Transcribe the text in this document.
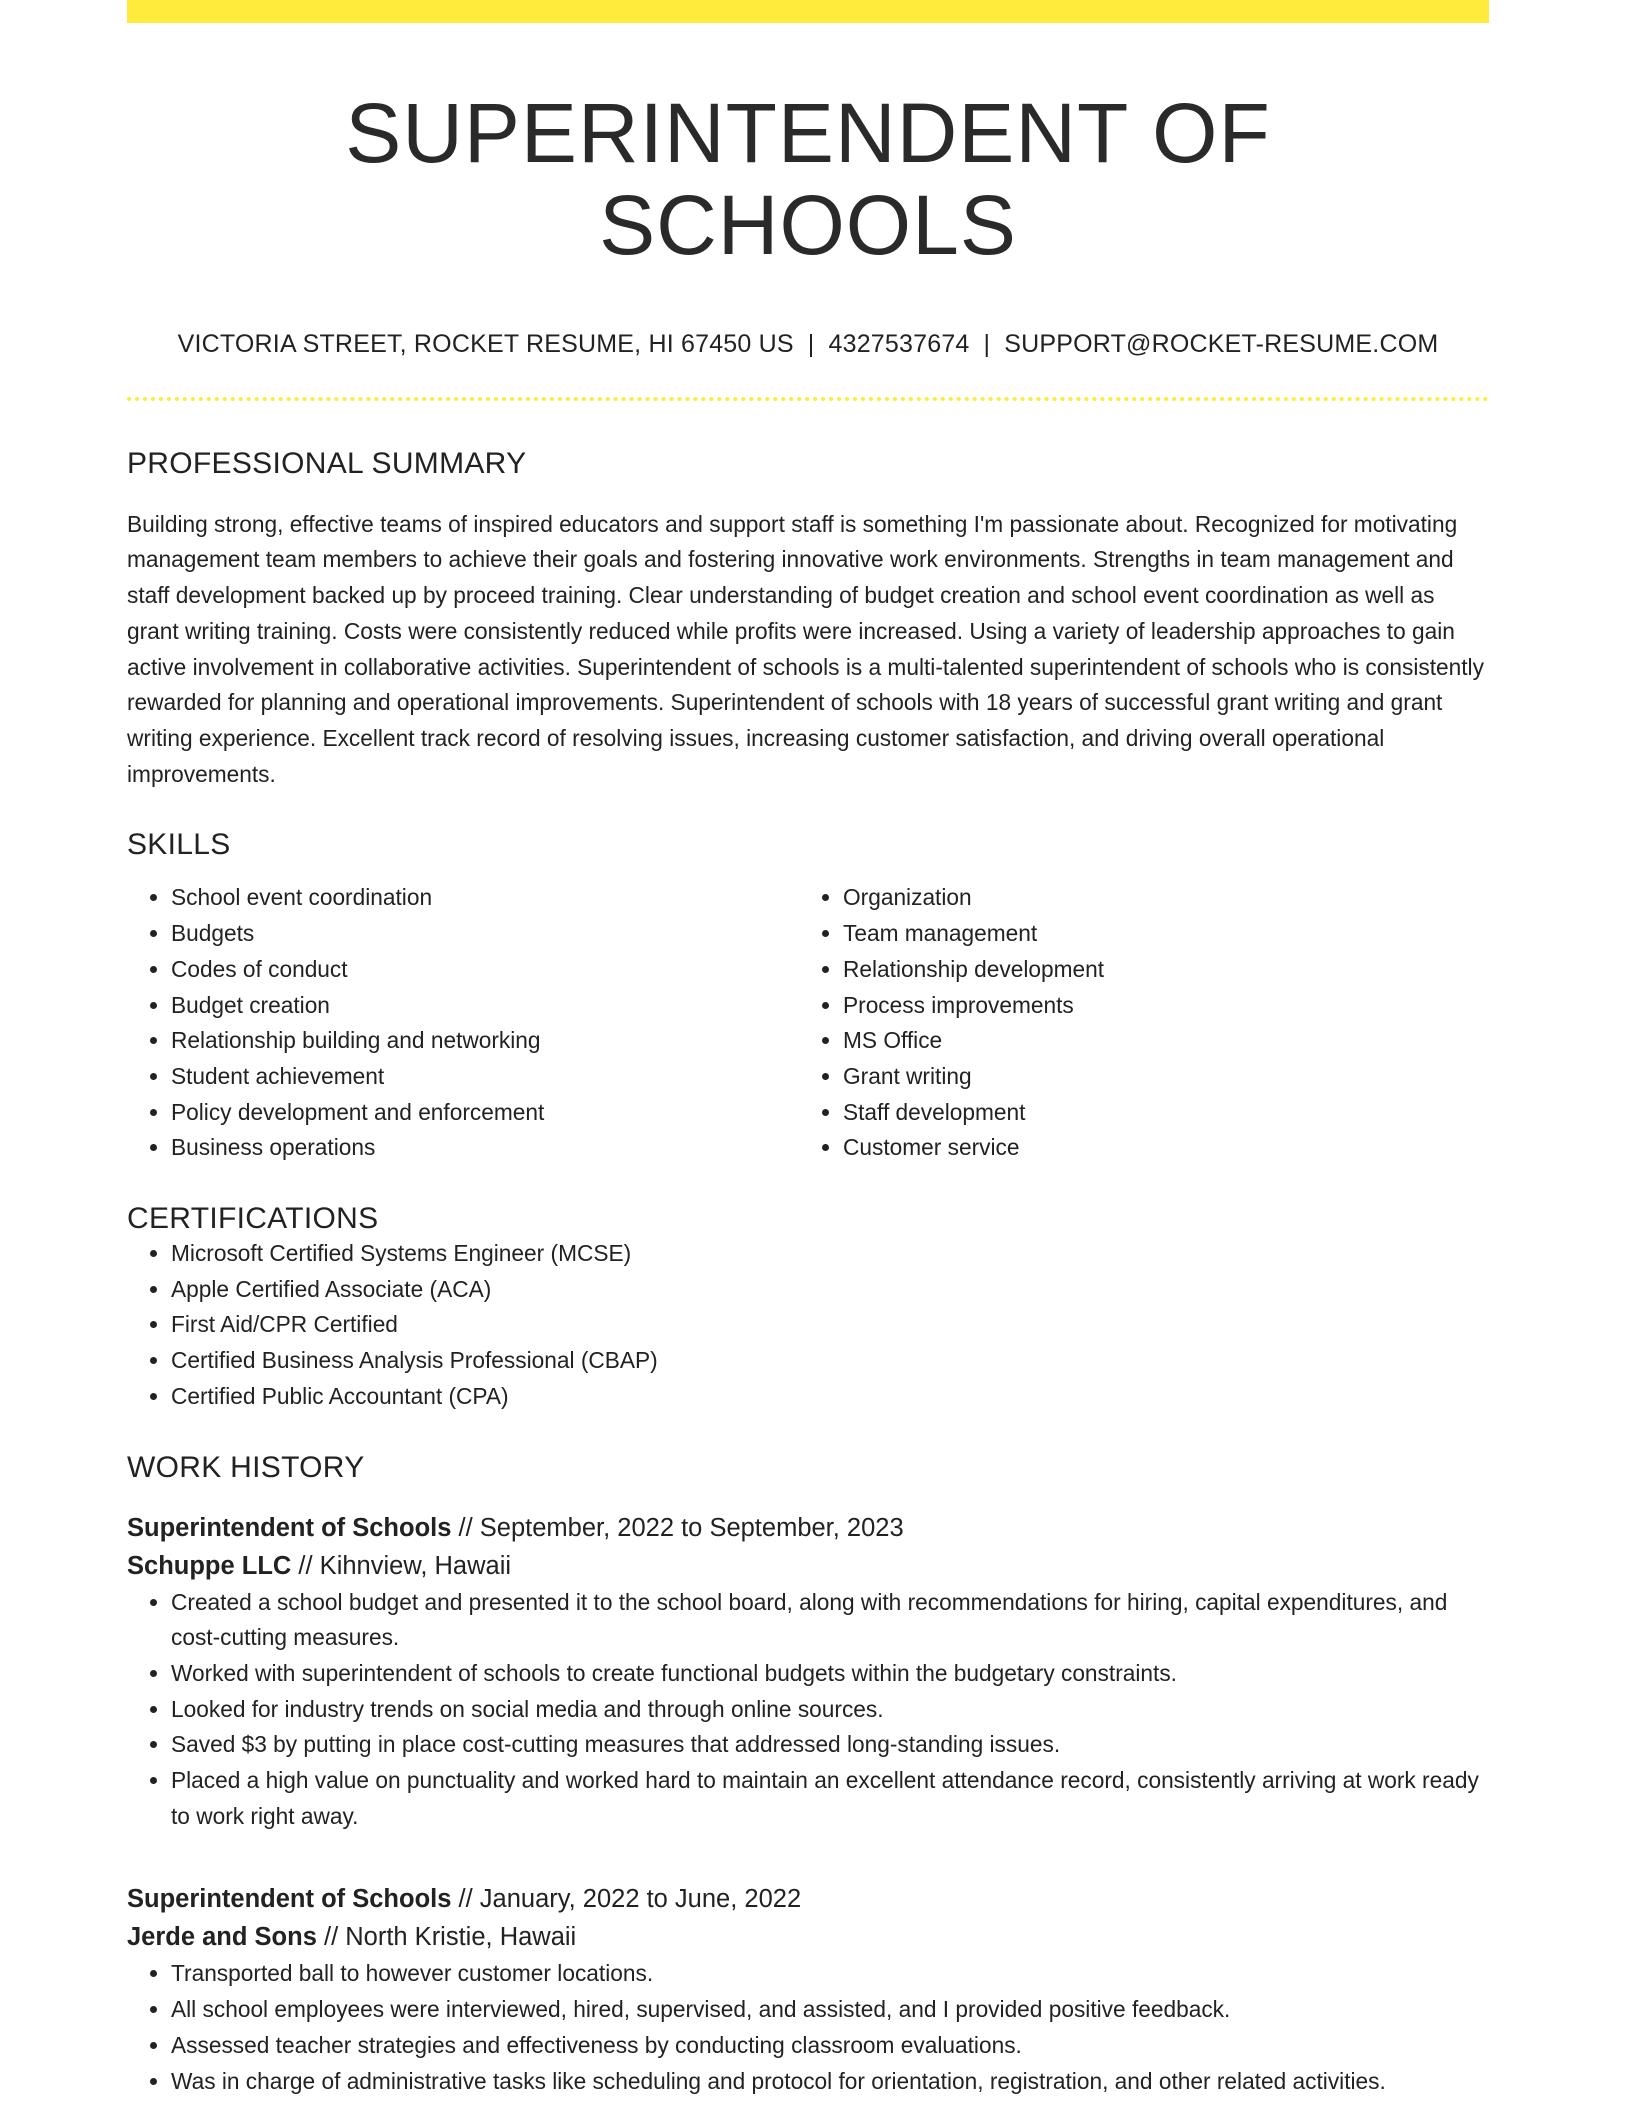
SUPERINTENDENT OF SCHOOLS
VICTORIA STREET, ROCKET RESUME, HI 67450 US | 4327537674 | SUPPORT@ROCKET-RESUME.COM
PROFESSIONAL SUMMARY

Building strong, effective teams of inspired educators and support staff is something I'm passionate about. Recognized for motivating management team members to achieve their goals and fostering innovative work environments. Strengths in team management and staff development backed up by proceed training. Clear understanding of budget creation and school event coordination as well as grant writing training. Costs were consistently reduced while profits were increased. Using a variety of leadership approaches to gain active involvement in collaborative activities. Superintendent of schools is a multi-talented superintendent of schools who is consistently rewarded for planning and operational improvements. Superintendent of schools with 18 years of successful grant writing and grant writing experience. Excellent track record of resolving issues, increasing customer satisfaction, and driving overall operational improvements.

SKILLS
• School event coordination
• Budgets
• Codes of conduct
• Budget creation
• Relationship building and networking
• Student achievement
• Policy development and enforcement
• Business operations
• Organization
• Team management
• Relationship development
• Process improvements
• MS Office
• Grant writing
• Staff development
• Customer service
CERTIFICATIONS
• Microsoft Certified Systems Engineer (MCSE)
• Apple Certified Associate (ACA)
• First Aid/CPR Certified
• Certified Business Analysis Professional (CBAP)
• Certified Public Accountant (CPA)
WORK HISTORY
Superintendent of Schools // September, 2022 to September, 2023
Schuppe LLC // Kihnview, Hawaii
• Created a school budget and presented it to the school board, along with recommendations for hiring, capital expenditures, and cost-cutting measures.
• Worked with superintendent of schools to create functional budgets within the budgetary constraints.
• Looked for industry trends on social media and through online sources.
• Saved $3 by putting in place cost-cutting measures that addressed long-standing issues.
• Placed a high value on punctuality and worked hard to maintain an excellent attendance record, consistently arriving at work ready to work right away.
Superintendent of Schools // January, 2022 to June, 2022
Jerde and Sons // North Kristie, Hawaii
• Transported ball to however customer locations.
• All school employees were interviewed, hired, supervised, and assisted, and I provided positive feedback.
• Assessed teacher strategies and effectiveness by conducting classroom evaluations.
• Was in charge of administrative tasks like scheduling and protocol for orientation, registration, and other related activities.
